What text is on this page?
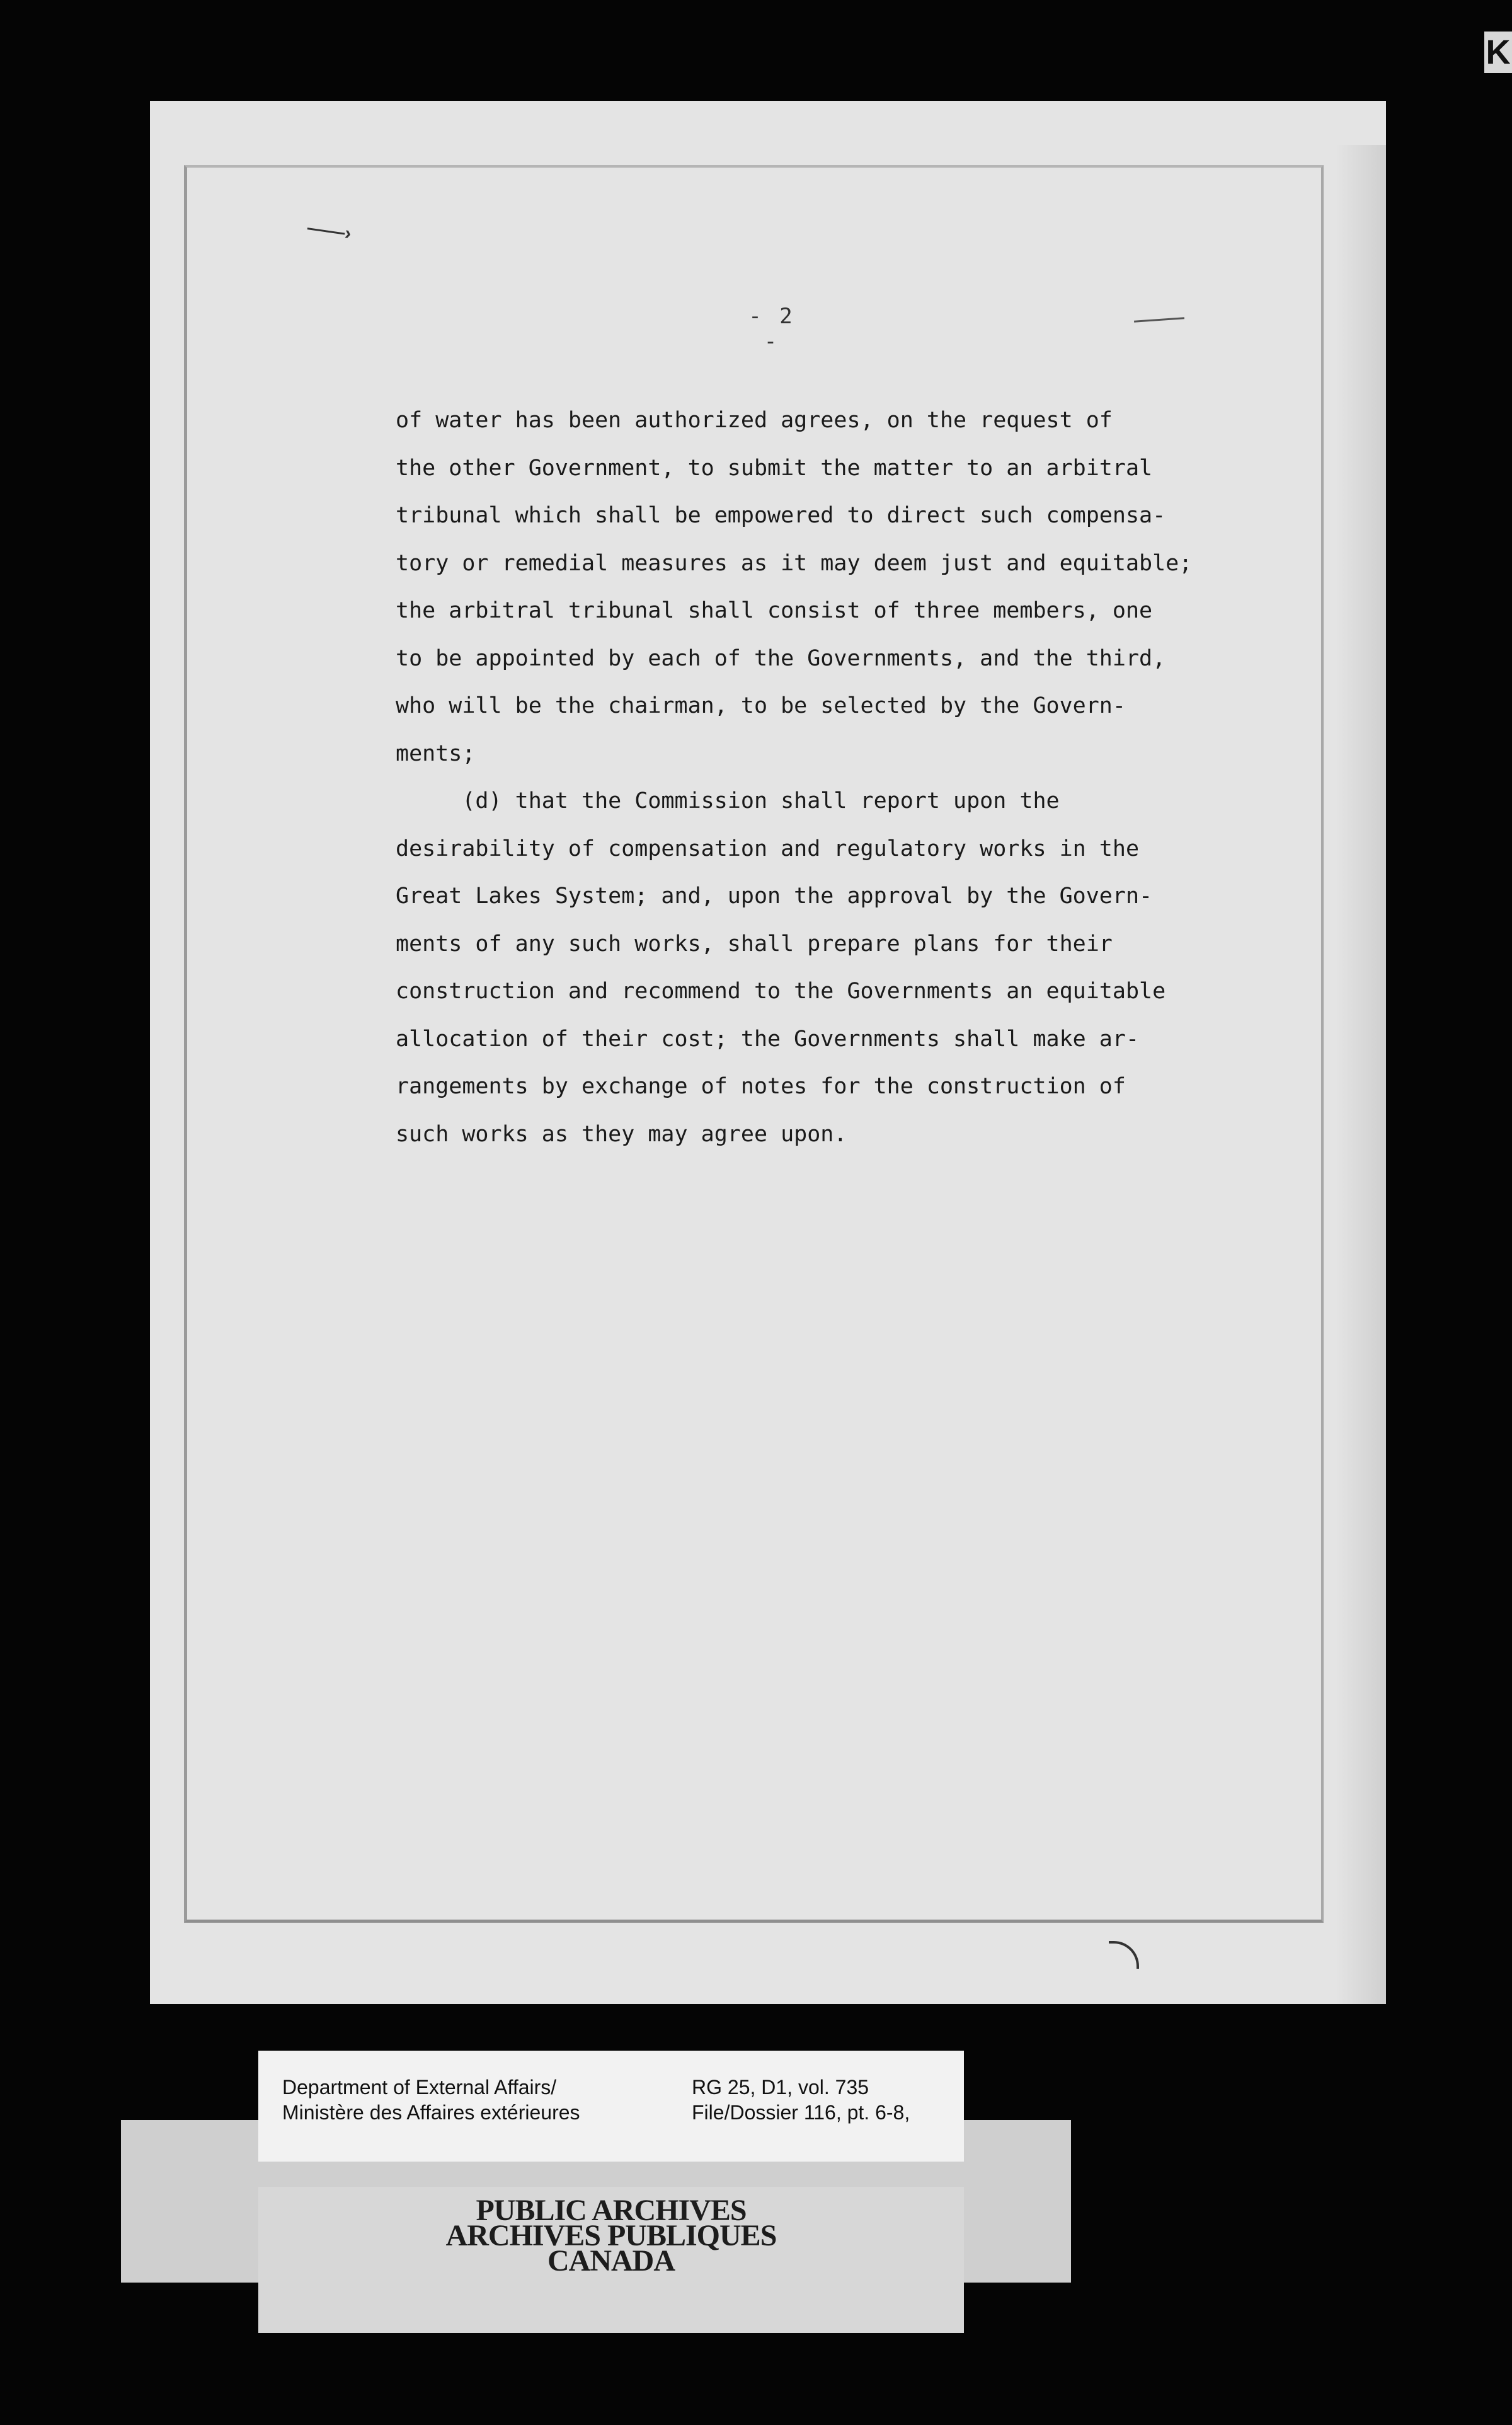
K
——›
- 2 -
of water has been authorized agrees, on the request of
the other Government, to submit the matter to an arbitral
tribunal which shall be empowered to direct such compensa-
tory or remedial measures as it may deem just and equitable;
the arbitral tribunal shall consist of three members, one
to be appointed by each of the Governments, and the third,
who will be the chairman, to be selected by the Govern-
ments;
(d) that the Commission shall report upon the
desirability of compensation and regulatory works in the
Great Lakes System; and, upon the approval by the Govern-
ments of any such works, shall prepare plans for their
construction and recommend to the Governments an equitable
allocation of their cost; the Governments shall make ar-
rangements by exchange of notes for the construction of
such works as they may agree upon.
Department of External Affairs/
Ministère des Affaires extérieures
RG 25, D1, vol. 735
File/Dossier 116, pt. 6-8,
PUBLIC ARCHIVES
ARCHIVES PUBLIQUES
CANADA
